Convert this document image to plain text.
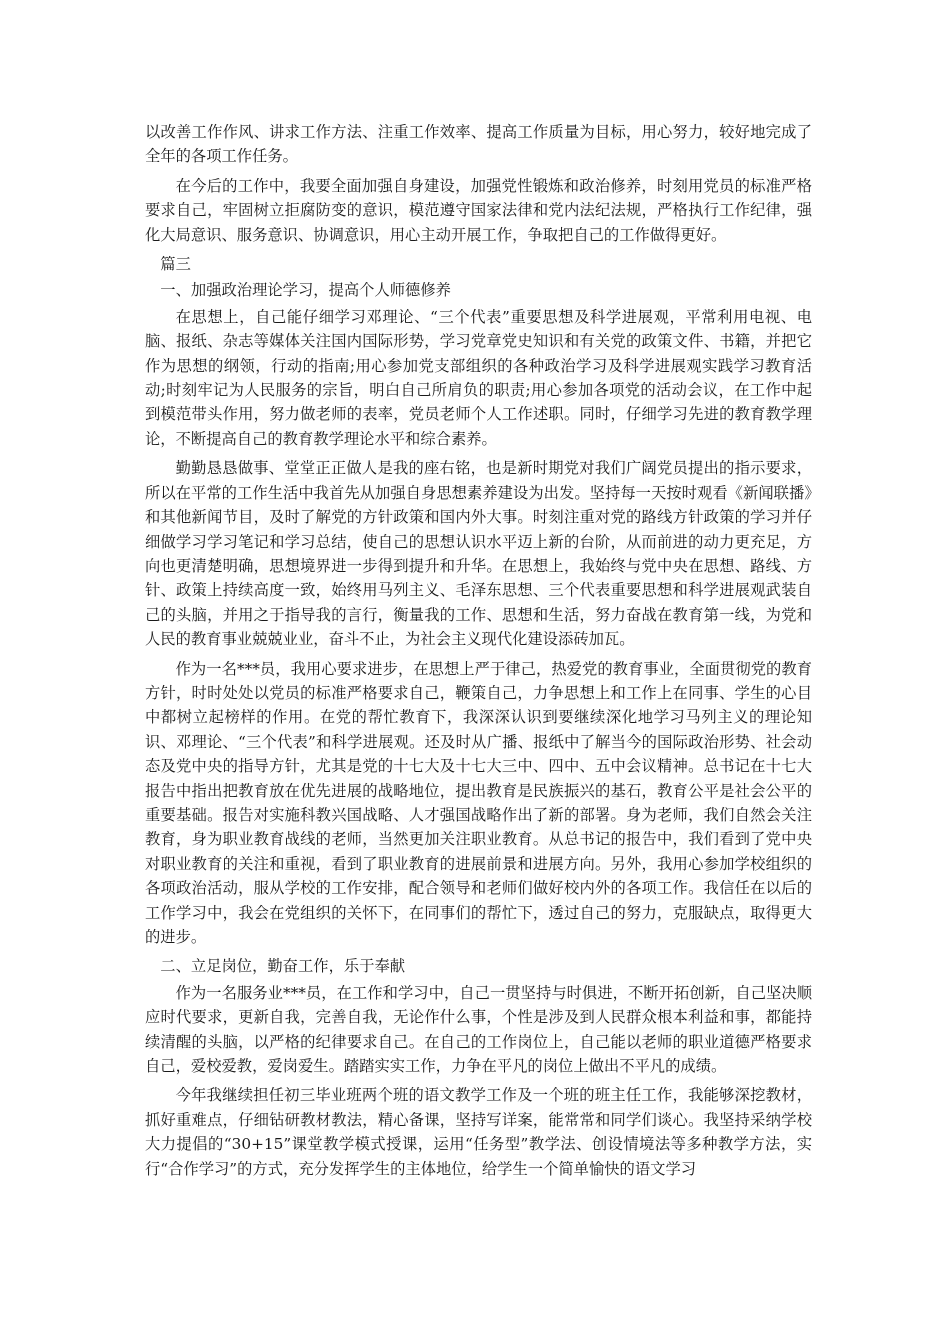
以改善工作作风、讲求工作方法、注重工作效率、提高工作质量为目标，用心努力，较好地完成了全年的各项工作任务。

在今后的工作中，我要全面加强自身建设，加强党性锻炼和政治修养，时刻用党员的标准严格要求自己，牢固树立拒腐防变的意识，模范遵守国家法律和党内法纪法规，严格执行工作纪律，强化大局意识、服务意识、协调意识，用心主动开展工作，争取把自己的工作做得更好。

篇三

一、加强政治理论学习，提高个人师德修养

在思想上，自己能仔细学习邓理论、“三个代表”重要思想及科学进展观，平常利用电视、电脑、报纸、杂志等媒体关注国内国际形势，学习党章党史知识和有关党的政策文件、书籍，并把它作为思想的纲领，行动的指南;用心参加党支部组织的各种政治学习及科学进展观实践学习教育活动;时刻牢记为人民服务的宗旨，明白自己所肩负的职责;用心参加各项党的活动会议，在工作中起到模范带头作用，努力做老师的表率，党员老师个人工作述职。同时，仔细学习先进的教育教学理论，不断提高自己的教育教学理论水平和综合素养。

勤勤恳恳做事、堂堂正正做人是我的座右铭，也是新时期党对我们广阔党员提出的指示要求，所以在平常的工作生活中我首先从加强自身思想素养建设为出发。坚持每一天按时观看《新闻联播》和其他新闻节目，及时了解党的方针政策和国内外大事。时刻注重对党的路线方针政策的学习并仔细做学习学习笔记和学习总结，使自己的思想认识水平迈上新的台阶，从而前进的动力更充足，方向也更清楚明确，思想境界进一步得到提升和升华。在思想上，我始终与党中央在思想、路线、方针、政策上持续高度一致，始终用马列主义、毛泽东思想、三个代表重要思想和科学进展观武装自己的头脑，并用之于指导我的言行，衡量我的工作、思想和生活，努力奋战在教育第一线，为党和人民的教育事业兢兢业业，奋斗不止，为社会主义现代化建设添砖加瓦。

作为一名***员，我用心要求进步，在思想上严于律己，热爱党的教育事业，全面贯彻党的教育方针，时时处处以党员的标准严格要求自己，鞭策自己，力争思想上和工作上在同事、学生的心目中都树立起榜样的作用。在党的帮忙教育下，我深深认识到要继续深化地学习马列主义的理论知识、邓理论、“三个代表”和科学进展观。还及时从广播、报纸中了解当今的国际政治形势、社会动态及党中央的指导方针，尤其是党的十七大及十七大三中、四中、五中会议精神。总书记在十七大报告中指出把教育放在优先进展的战略地位，提出教育是民族振兴的基石，教育公平是社会公平的重要基础。报告对实施科教兴国战略、人才强国战略作出了新的部署。身为老师，我们自然会关注教育，身为职业教育战线的老师，当然更加关注职业教育。从总书记的报告中，我们看到了党中央对职业教育的关注和重视，看到了职业教育的进展前景和进展方向。另外，我用心参加学校组织的各项政治活动，服从学校的工作安排，配合领导和老师们做好校内外的各项工作。我信任在以后的工作学习中，我会在党组织的关怀下，在同事们的帮忙下，透过自己的努力，克服缺点，取得更大的进步。

二、立足岗位，勤奋工作，乐于奉献

作为一名服务业***员，在工作和学习中，自己一贯坚持与时俱进，不断开拓创新，自己坚决顺应时代要求，更新自我，完善自我，无论作什么事，个性是涉及到人民群众根本利益和事，都能持续清醒的头脑，以严格的纪律要求自己。在自己的工作岗位上，自己能以老师的职业道德严格要求自己，爱校爱教，爱岗爱生。踏踏实实工作，力争在平凡的岗位上做出不平凡的成绩。

今年我继续担任初三毕业班两个班的语文教学工作及一个班的班主任工作，我能够深挖教材，抓好重难点，仔细钻研教材教法，精心备课，坚持写详案，能常常和同学们谈心。我坚持采纳学校大力提倡的“30+15”课堂教学模式授课，运用“任务型”教学法、创设情境法等多种教学方法，实行“合作学习”的方式，充分发挥学生的主体地位，给学生一个简单愉快的语文学习
